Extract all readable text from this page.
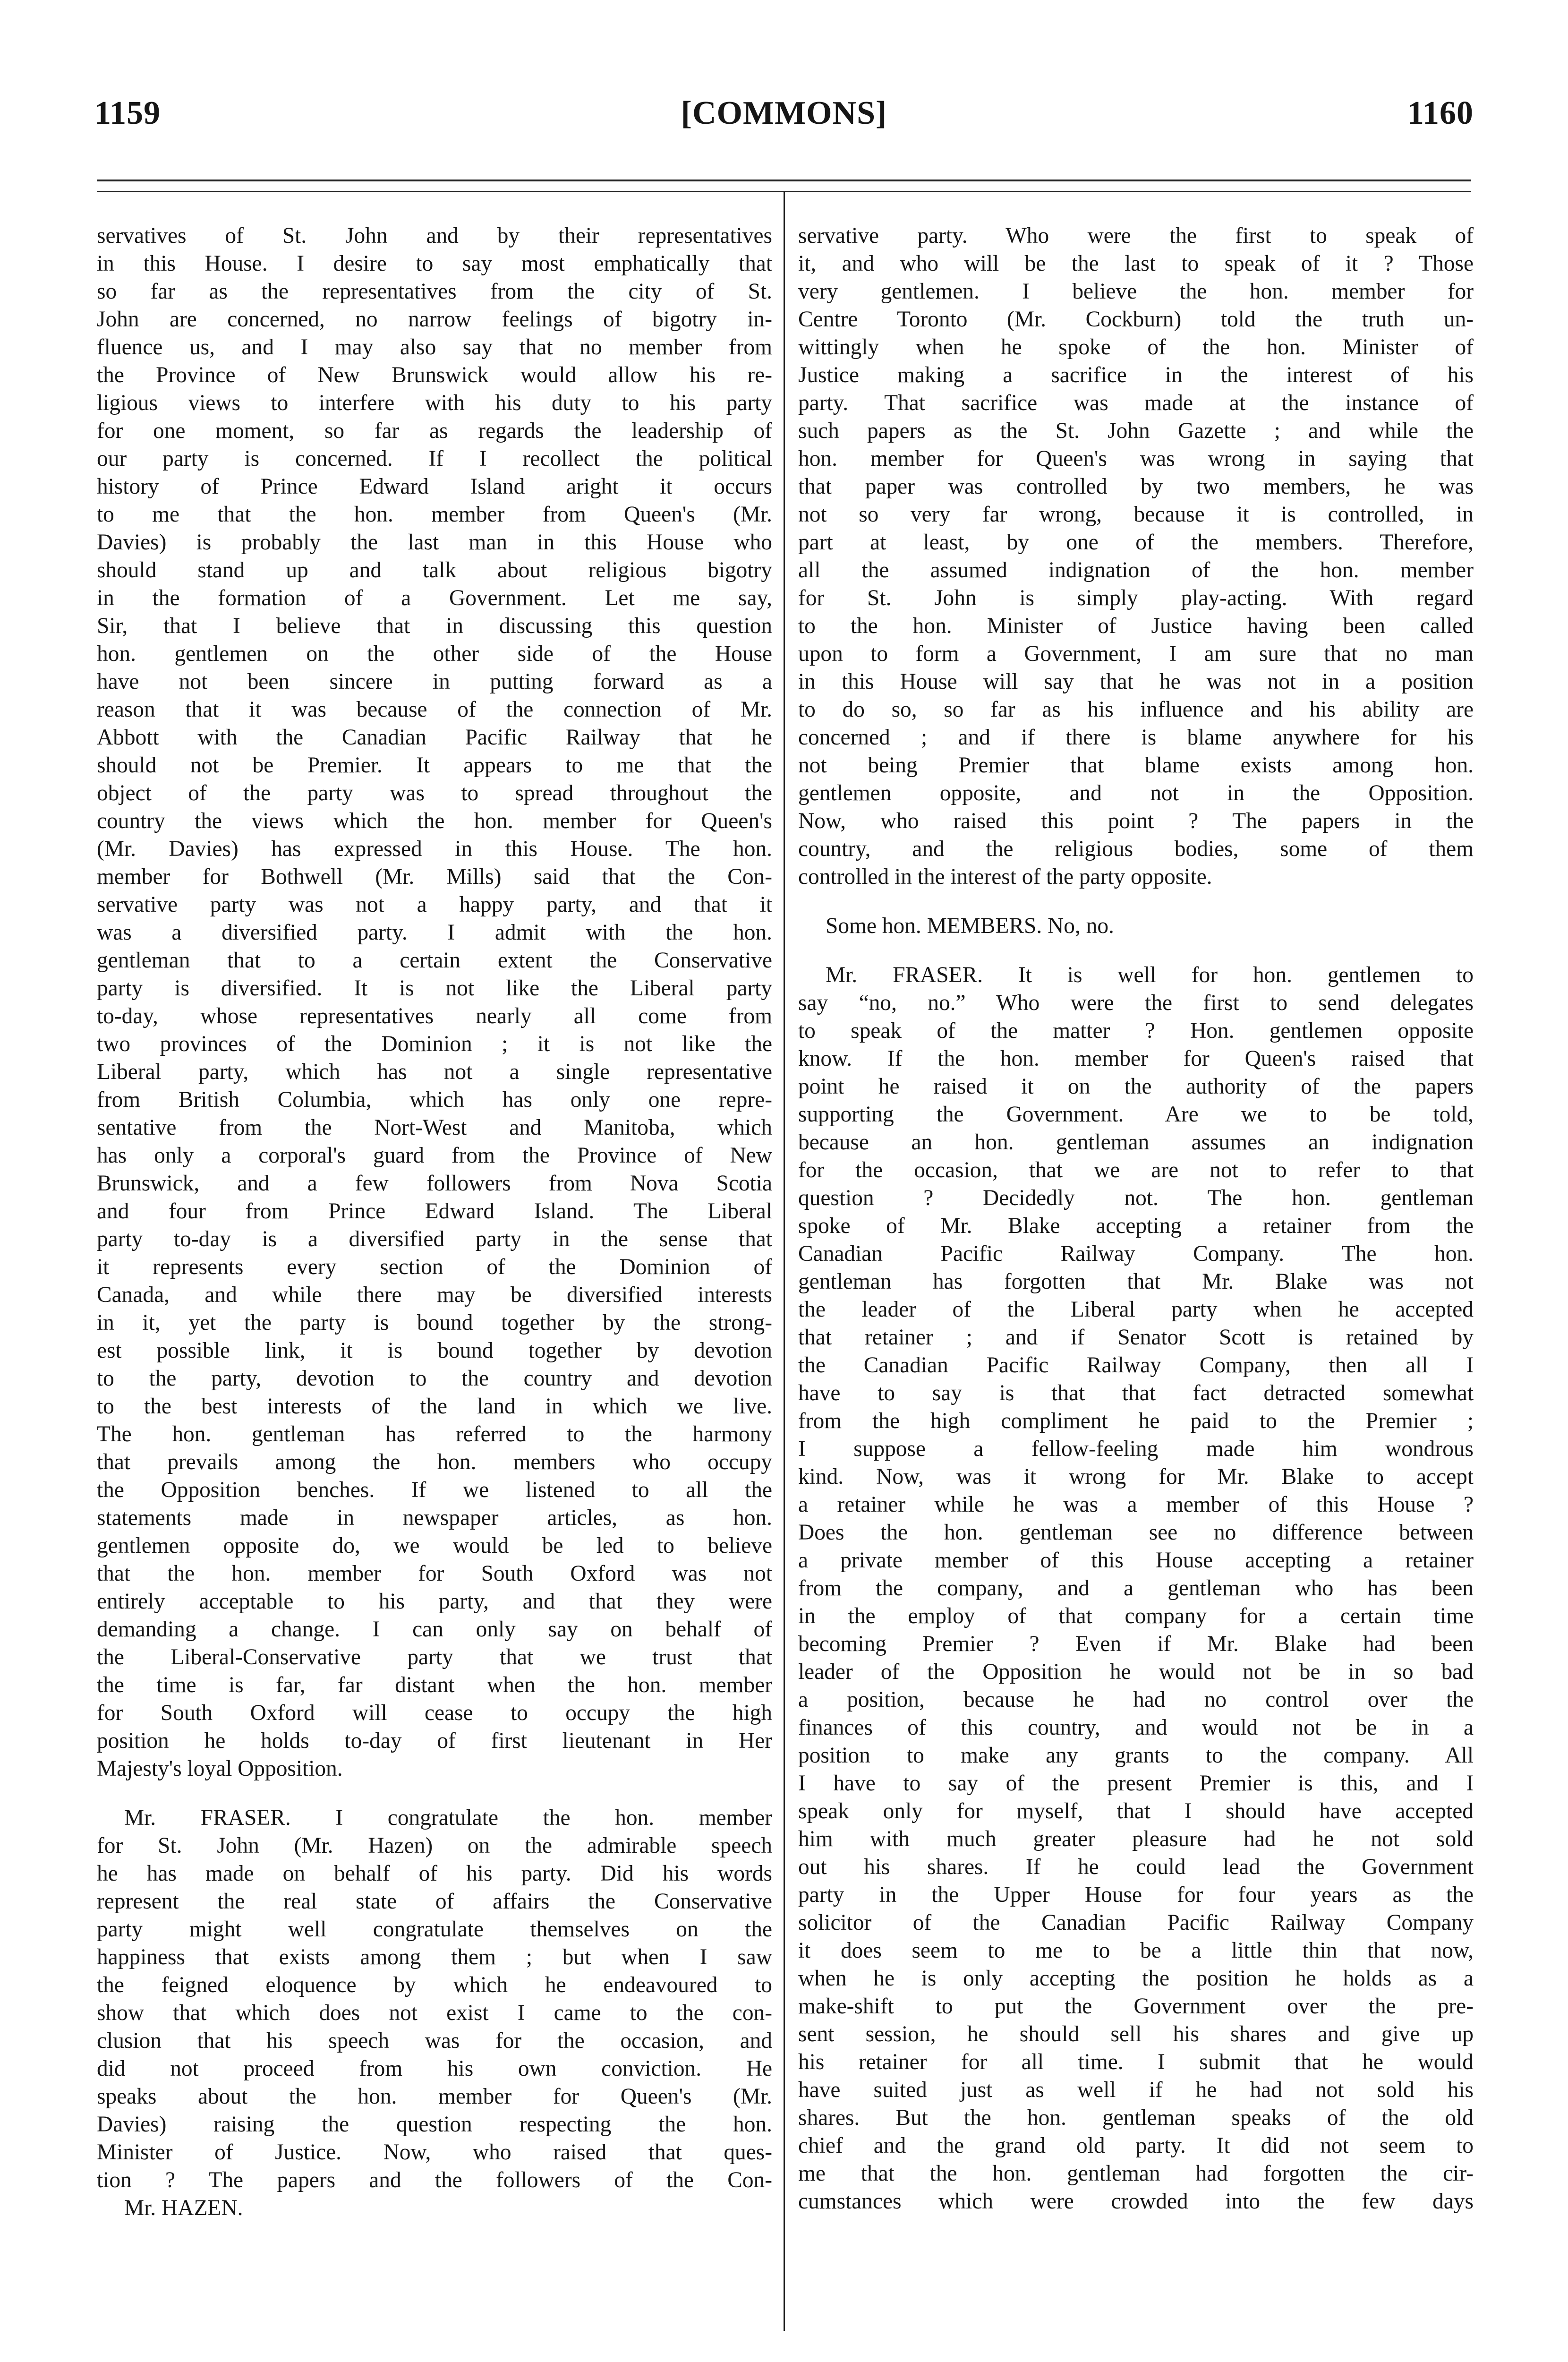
1159	[COMMONS]	1160
servatives of St. John and by their representatives
in this House. I desire to say most emphatically that
so far as the representatives from the city of St.
John are concerned, no narrow feelings of bigotry in-
fluence us, and I may also say that no member from
the Province of New Brunswick would allow his re-
ligious views to interfere with his duty to his party
for one moment, so far as regards the leadership of
our party is concerned. If I recollect the political
history of Prince Edward Island aright it occurs
to me that the hon. member from Queen's (Mr.
Davies) is probably the last man in this House who
should stand up and talk about religious bigotry
in the formation of a Government. Let me say,
Sir, that I believe that in discussing this question
hon. gentlemen on the other side of the House
have not been sincere in putting forward as a
reason that it was because of the connection of Mr.
Abbott with the Canadian Pacific Railway that he
should not be Premier. It appears to me that the
object of the party was to spread throughout the
country the views which the hon. member for Queen's
(Mr. Davies) has expressed in this House. The hon.
member for Bothwell (Mr. Mills) said that the Con-
servative party was not a happy party, and that it
was a diversified party. I admit with the hon.
gentleman that to a certain extent the Conservative
party is diversified. It is not like the Liberal party
to-day, whose representatives nearly all come from
two provinces of the Dominion ; it is not like the
Liberal party, which has not a single representative
from British Columbia, which has only one repre-
sentative from the Nort-West and Manitoba, which
has only a corporal's guard from the Province of New
Brunswick, and a few followers from Nova Scotia
and four from Prince Edward Island. The Liberal
party to-day is a diversified party in the sense that
it represents every section of the Dominion of
Canada, and while there may be diversified interests
in it, yet the party is bound together by the strong-
est possible link, it is bound together by devotion
to the party, devotion to the country and devotion
to the best interests of the land in which we live.
The hon. gentleman has referred to the harmony
that prevails among the hon. members who occupy
the Opposition benches. If we listened to all the
statements made in newspaper articles, as hon.
gentlemen opposite do, we would be led to believe
that the hon. member for South Oxford was not
entirely acceptable to his party, and that they were
demanding a change. I can only say on behalf of
the Liberal-Conservative party that we trust that
the time is far, far distant when the hon. member
for South Oxford will cease to occupy the high
position he holds to-day of first lieutenant in Her
Majesty's loyal Opposition.
Mr. FRASER. I congratulate the hon. member
for St. John (Mr. Hazen) on the admirable speech
he has made on behalf of his party. Did his words
represent the real state of affairs the Conservative
party might well congratulate themselves on the
happiness that exists among them ; but when I saw
the feigned eloquence by which he endeavoured to
show that which does not exist I came to the con-
clusion that his speech was for the occasion, and
did not proceed from his own conviction. He
speaks about the hon. member for Queen's (Mr.
Davies) raising the question respecting the hon.
Minister of Justice. Now, who raised that ques-
tion ? The papers and the followers of the Con-
Mr. HAZEN.
servative party. Who were the first to speak of
it, and who will be the last to speak of it ? Those
very gentlemen. I believe the hon. member for
Centre Toronto (Mr. Cockburn) told the truth un-
wittingly when he spoke of the hon. Minister of
Justice making a sacrifice in the interest of his
party. That sacrifice was made at the instance of
such papers as the St. John Gazette ; and while the
hon. member for Queen's was wrong in saying that
that paper was controlled by two members, he was
not so very far wrong, because it is controlled, in
part at least, by one of the members. Therefore,
all the assumed indignation of the hon. member
for St. John is simply play-acting. With regard
to the hon. Minister of Justice having been called
upon to form a Government, I am sure that no man
in this House will say that he was not in a position
to do so, so far as his influence and his ability are
concerned ; and if there is blame anywhere for his
not being Premier that blame exists among hon.
gentlemen opposite, and not in the Opposition.
Now, who raised this point ? The papers in the
country, and the religious bodies, some of them
controlled in the interest of the party opposite.
Some hon. MEMBERS. No, no.
Mr. FRASER. It is well for hon. gentlemen to
say “no, no.” Who were the first to send delegates
to speak of the matter ? Hon. gentlemen opposite
know. If the hon. member for Queen's raised that
point he raised it on the authority of the papers
supporting the Government. Are we to be told,
because an hon. gentleman assumes an indignation
for the occasion, that we are not to refer to that
question ? Decidedly not. The hon. gentleman
spoke of Mr. Blake accepting a retainer from the
Canadian Pacific Railway Company. The hon.
gentleman has forgotten that Mr. Blake was not
the leader of the Liberal party when he accepted
that retainer ; and if Senator Scott is retained by
the Canadian Pacific Railway Company, then all I
have to say is that that fact detracted somewhat
from the high compliment he paid to the Premier ;
I suppose a fellow-feeling made him wondrous
kind. Now, was it wrong for Mr. Blake to accept
a retainer while he was a member of this House ?
Does the hon. gentleman see no difference between
a private member of this House accepting a retainer
from the company, and a gentleman who has been
in the employ of that company for a certain time
becoming Premier ? Even if Mr. Blake had been
leader of the Opposition he would not be in so bad
a position, because he had no control over the
finances of this country, and would not be in a
position to make any grants to the company. All
I have to say of the present Premier is this, and I
speak only for myself, that I should have accepted
him with much greater pleasure had he not sold
out his shares. If he could lead the Government
party in the Upper House for four years as the
solicitor of the Canadian Pacific Railway Company
it does seem to me to be a little thin that now,
when he is only accepting the position he holds as a
make-shift to put the Government over the pre-
sent session, he should sell his shares and give up
his retainer for all time. I submit that he would
have suited just as well if he had not sold his
shares. But the hon. gentleman speaks of the old
chief and the grand old party. It did not seem to
me that the hon. gentleman had forgotten the cir-
cumstances which were crowded into the few days
